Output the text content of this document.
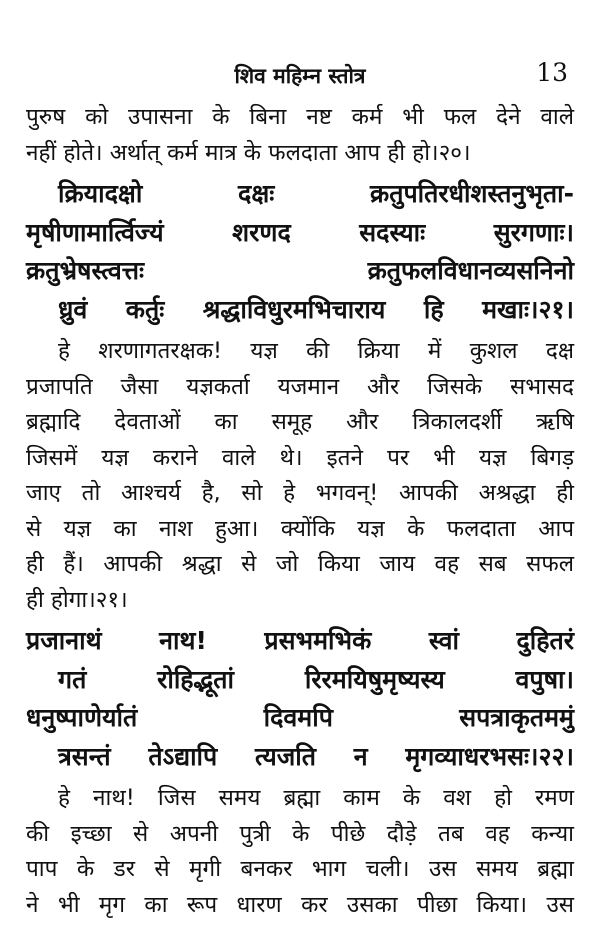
शिव महिम्न स्तोत्र	13
पुरुष को उपासना के बिना नष्ट कर्म भी फल देने वाले
नहीं होते। अर्थात् कर्म मात्र के फलदाता आप ही हो।२०।
क्रियादक्षो दक्षः क्रतुपतिरधीशस्तनुभृता-
मृषीणामार्त्विज्यं शरणद सदस्याः सुरगणाः।
क्रतुभ्रेषस्त्वत्तः क्रतुफलविधानव्यसनिनो
ध्रुवं कर्तुः श्रद्धाविधुरमभिचाराय हि मखाः।२१।
हे शरणागतरक्षक! यज्ञ की क्रिया में कुशल दक्ष
प्रजापति जैसा यज्ञकर्ता यजमान और जिसके सभासद
ब्रह्मादि देवताओं का समूह और त्रिकालदर्शी ऋषि
जिसमें यज्ञ कराने वाले थे। इतने पर भी यज्ञ बिगड़
जाए तो आश्चर्य है, सो हे भगवन्! आपकी अश्रद्धा ही
से यज्ञ का नाश हुआ। क्योंकि यज्ञ के फलदाता आप
ही हैं। आपकी श्रद्धा से जो किया जाय वह सब सफल
ही होगा।२१।
प्रजानाथं नाथ! प्रसभमभिकं स्वां दुहितरं
गतं रोहिद्भूतां रिरमयिषुमृष्यस्य वपुषा।
धनुष्पाणेर्यातं दिवमपि सपत्राकृतममुं
त्रसन्तं तेऽद्यापि त्यजति न मृगव्याधरभसः।२२।
हे नाथ! जिस समय ब्रह्मा काम के वश हो रमण
की इच्छा से अपनी पुत्री के पीछे दौड़े तब वह कन्या
पाप के डर से मृगी बनकर भाग चली। उस समय ब्रह्मा
ने भी मृग का रूप धारण कर उसका पीछा किया। उस
